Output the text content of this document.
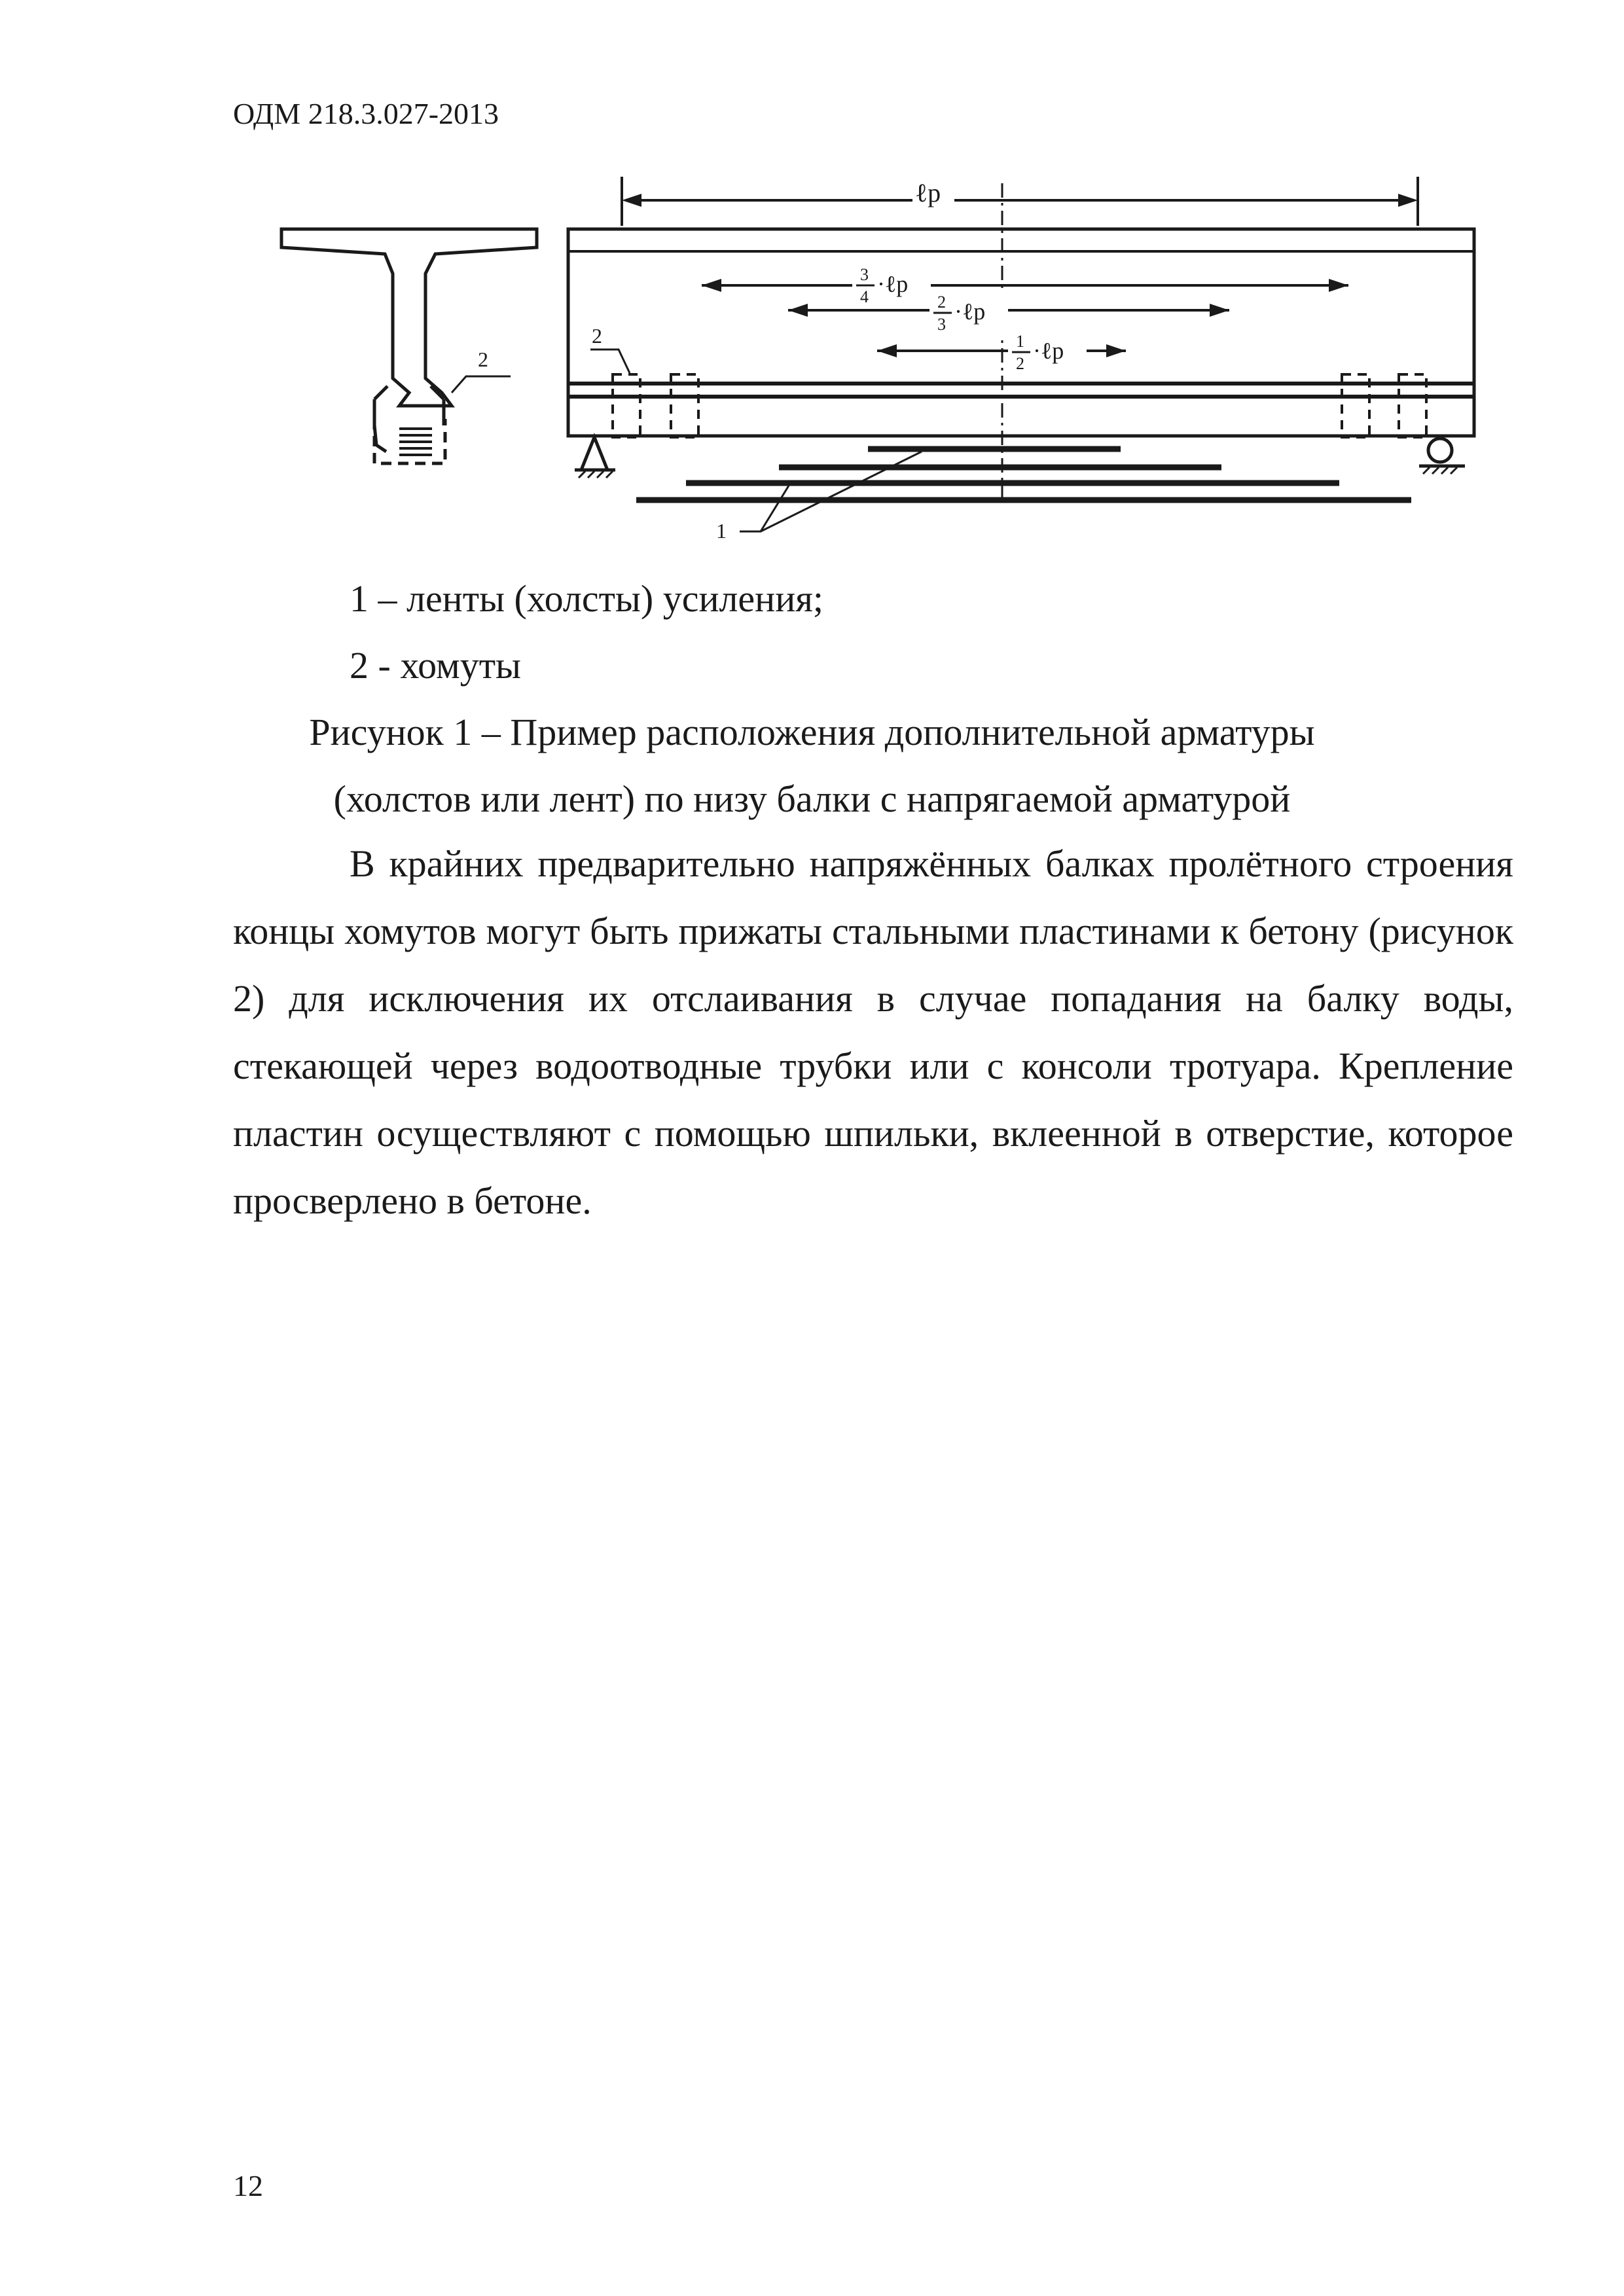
ОДМ 218.3.027-2013
2
2
1
ℓp
3
4 ·ℓp
2
3 ·ℓp
1
2 ·ℓp
1 – ленты (холсты) усиления;
2 - хомуты
Рисунок 1 – Пример расположения дополнительной арматуры
(холстов или лент) по низу балки с напрягаемой арматурой
В крайних предварительно напряжённых балках пролётного строения концы хомутов могут быть прижаты стальными пластинами к бетону (рисунок 2) для исключения их отслаивания в случае попадания на балку воды, стекающей через водоотводные трубки или с консоли тротуара. Крепление пластин осуществляют с помощью шпильки, вклеенной в отверстие, которое просверлено в бетоне.
12
